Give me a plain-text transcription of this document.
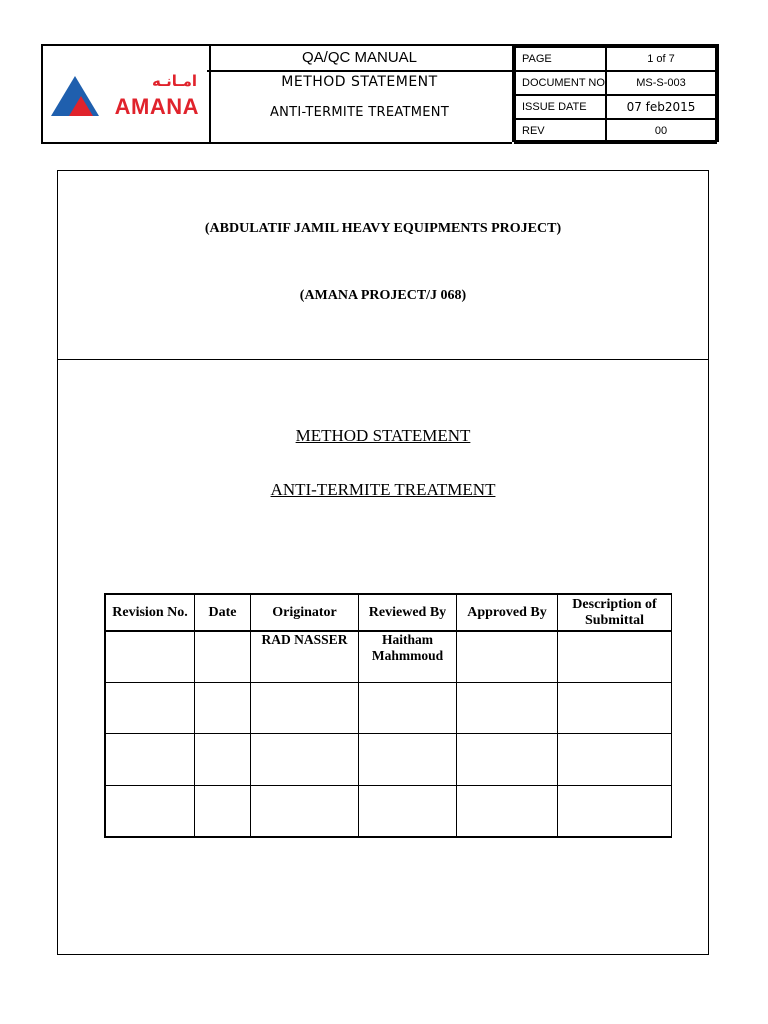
امـانـه
AMANA
QA/QC MANUAL
METHOD STATEMENT
ANTI-TERMITE TREATMENT
PAGE	1 of 7
DOCUMENT NO	MS-S-003
ISSUE DATE	07 feb2015
REV	00
(ABDULATIF JAMIL HEAVY EQUIPMENTS PROJECT)
(AMANA PROJECT/J 068)
METHOD STATEMENT
ANTI-TERMITE TREATMENT
Revision No.	Date	Originator	Reviewed By	Approved By	Description of Submittal
		RAD NASSER	Haitham Mahmmoud		
